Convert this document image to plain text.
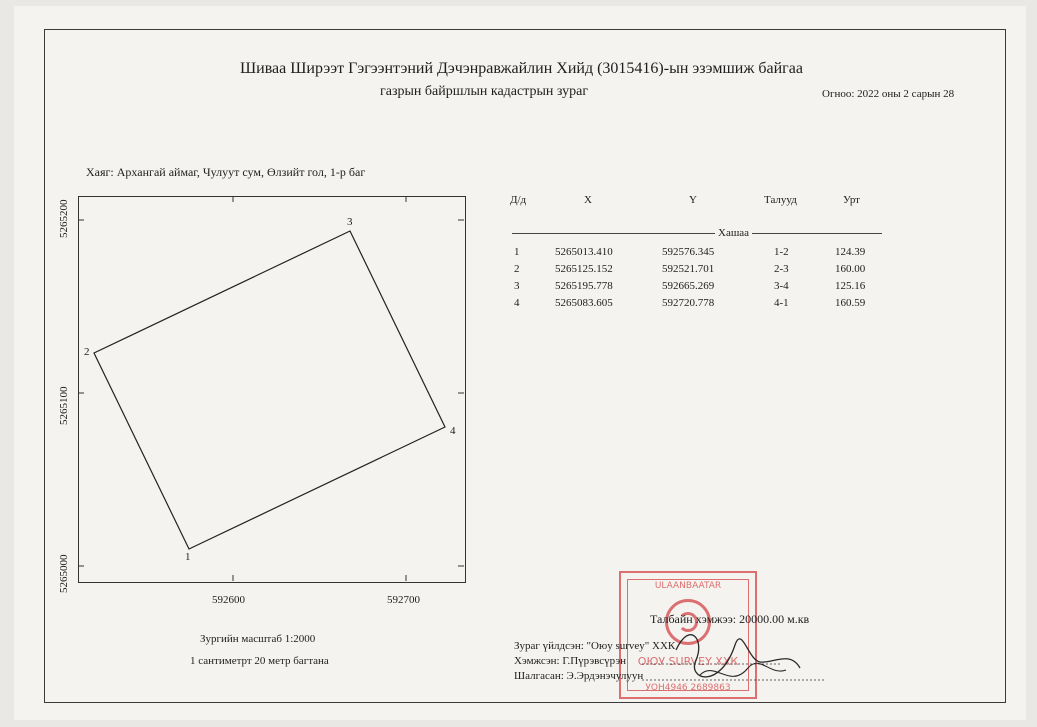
Шиваа Ширээт Гэгээнтэний Дэчэнравжайлин Хийд (3015416)-ын эзэмшиж байгаа
газрын байршлын кадастрын зураг	Огноо: 2022 оны 2 сарын 28
Хаяг: Архангай аймаг, Чулуут сум, Өлзийт гол, 1-р баг
5265200
5265100
5265000
592600	592700
1
2
3
4
Зургийн масштаб 1:2000
1 сантиметрт 20 метр багтана
Д/д	X	Y	Талууд	Урт
Хашаа
1	5265013.410	592576.345	1-2	124.39
2	5265125.152	592521.701	2-3	160.00
3	5265195.778	592665.269	3-4	125.16
4	5265083.605	592720.778	4-1	160.59
ULAANBAATAR
ОЮУ SURVEY ХХК
УОН4946 2689863
Талбайн хэмжээ: 20000.00 м.кв
Зураг үйлдсэн: "Оюу survey" ХХК
Хэмжсэн: Г.Пүрэвсүрэн
Шалгасан: Э.Эрдэнэчулуун
